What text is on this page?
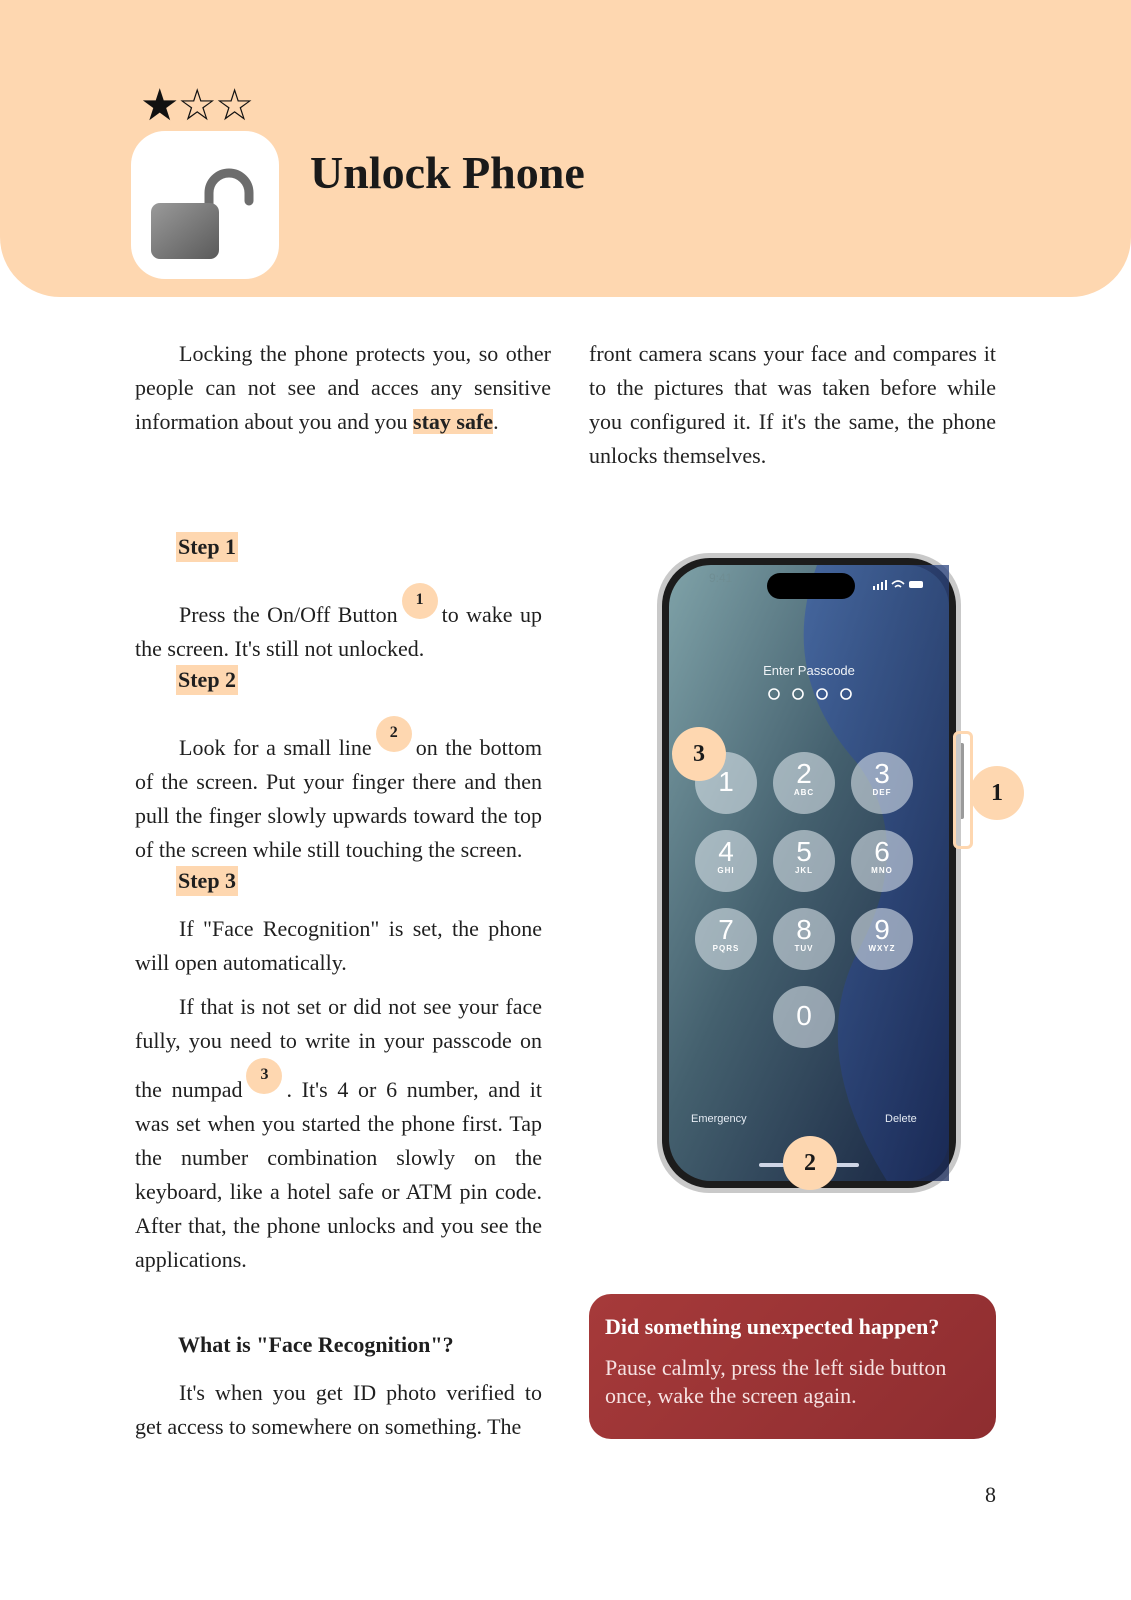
★☆☆
Unlock Phone

Locking the phone protects you, so other people can not see and acces any sensitive information about you and you stay safe.

front camera scans your face and compares it to the pictures that was taken before while you configured it. If it's the same, the phone unlocks themselves.

Step 1

Press the On/Off Button1to wake up the screen. It's still not unlocked.

Step 2

Look for a small line2on the bottom of the screen. Put your finger there and then pull the finger slowly upwards toward the top of the screen while still touching the screen.

Step 3

If "Face Recognition" is set, the phone will open automatically.

If that is not set or did not see your face fully, you need to write in your passcode on the numpad3. It's 4 or 6 number, and it was set when you started the phone first. Tap the number combination slowly on the keyboard, like a hotel safe or ATM pin code. After that, the phone unlocks and you see the applications.

What is "Face Recognition"?

It's when you get ID photo verified to get access to somewhere on something. The

Did something unexpected happen?
Pause calmly, press the left side button once, wake the screen again.
8
9:41
Enter Passcode
1	2
ABC
3
DEF
4
GHI
5
JKL
6
MNO
7
PQRS
8
TUV
9
WXYZ
0
Emergency	Delete
3
2
1
